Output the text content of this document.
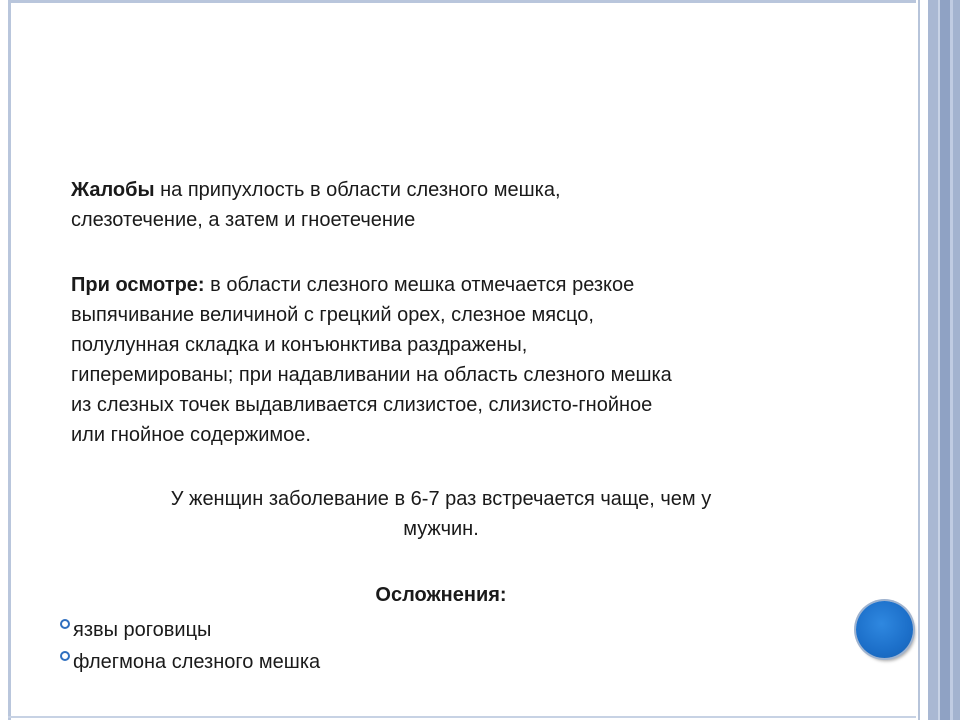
Жалобы на припухлость в области слезного мешка,
слезотечение, а затем и гноетечение
При осмотре: в области слезного мешка отмечается резкое
выпячивание величиной с грецкий орех, слезное мясцо,
полулунная складка и конъюнктива раздражены,
гиперемированы; при надавливании на область слезного мешка
из слезных точек выдавливается слизистое, слизисто-гнойное
или гнойное содержимое.
У женщин заболевание в 6-7 раз встречается чаще, чем у
мужчин.
Осложнения:
язвы роговицы
флегмона слезного мешка
